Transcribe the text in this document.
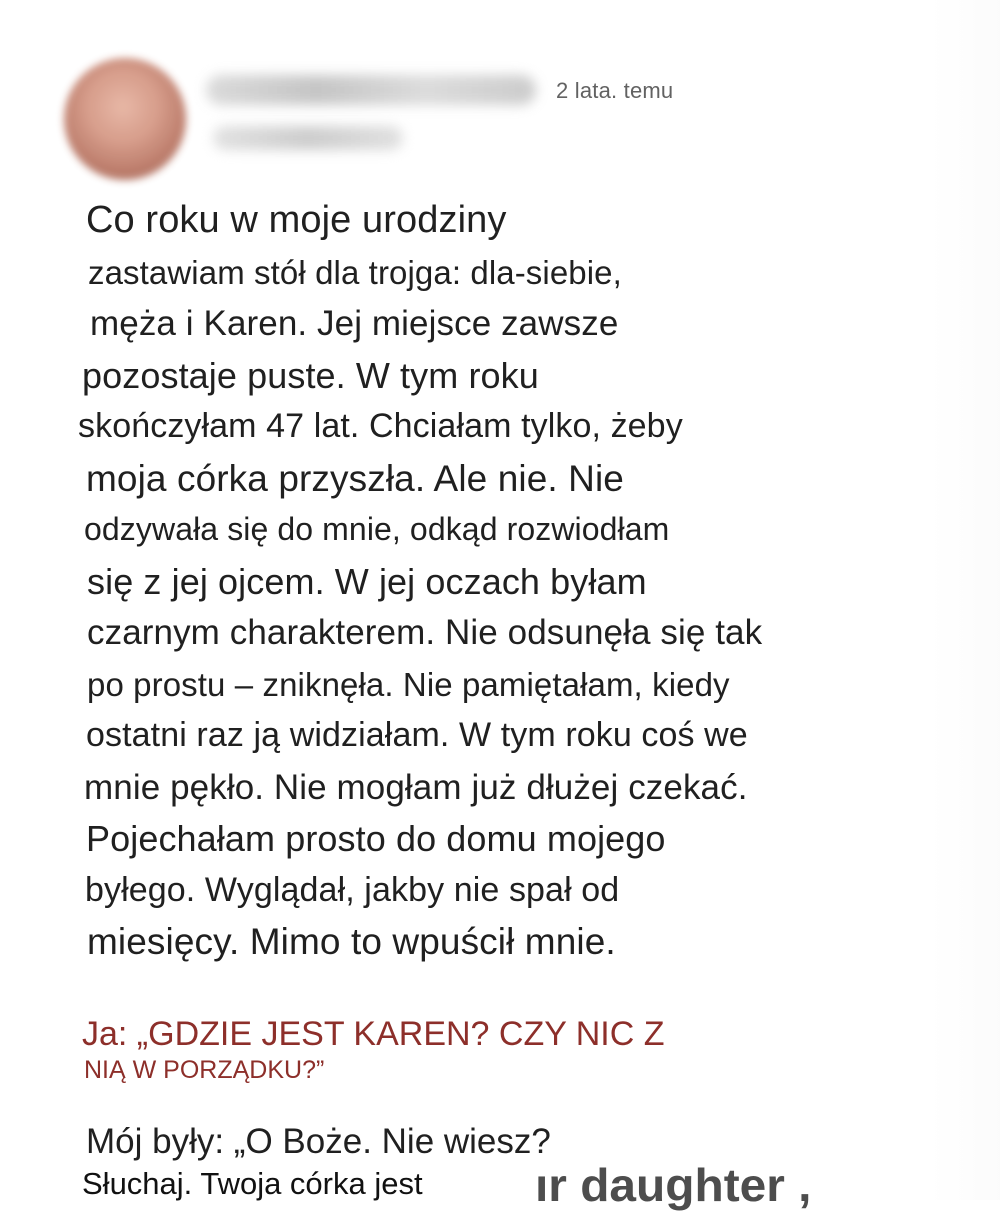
2 lata. temu

Co roku w moje urodziny
zastawiam stół dla trojga: dla-siebie,
męża i Karen. Jej miejsce zawsze
pozostaje puste. W tym roku
skończyłam 47 lat. Chciałam tylko, żeby
moja córka przyszła. Ale nie. Nie
odzywała się do mnie, odkąd rozwiodłam
się z jej ojcem. W jej oczach byłam
czarnym charakterem. Nie odsunęła się tak
po prostu – zniknęła. Nie pamiętałam, kiedy
ostatni raz ją widziałam. W tym roku coś we
mnie pękło. Nie mogłam już dłużej czekać.
Pojechałam prosto do domu mojego
byłego. Wyglądał, jakby nie spał od
miesięcy. Mimo to wpuścił mnie.

Ja: „GDZIE JEST KAREN? CZY NIC Z
NIĄ W PORZĄDKU?”

Mój były: „O Boże. Nie wiesz?
Słuchaj. Twoja córka jest ır daughter ,
